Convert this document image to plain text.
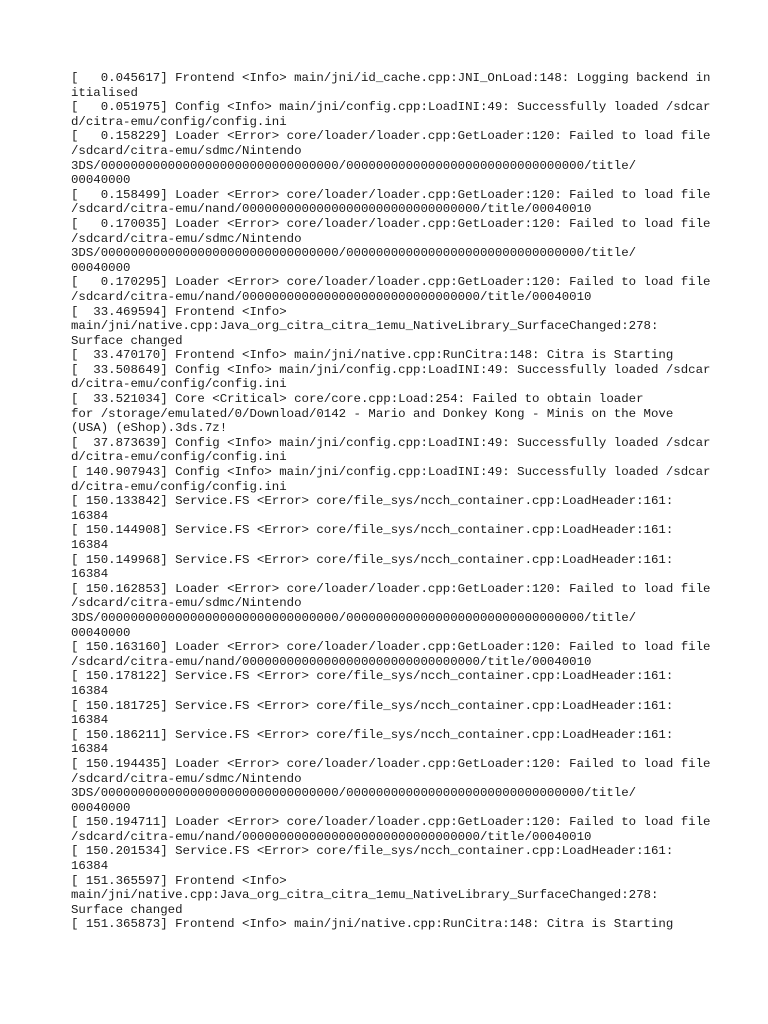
[   0.045617] Frontend <Info> main/jni/id_cache.cpp:JNI_OnLoad:148: Logging backend initialised
[   0.051975] Config <Info> main/jni/config.cpp:LoadINI:49: Successfully loaded /sdcard/citra-emu/config/config.ini
[   0.158229] Loader <Error> core/loader/loader.cpp:GetLoader:120: Failed to load file /sdcard/citra-emu/sdmc/Nintendo
3DS/00000000000000000000000000000000/00000000000000000000000000000000/title/
00040000
[   0.158499] Loader <Error> core/loader/loader.cpp:GetLoader:120: Failed to load file /sdcard/citra-emu/nand/00000000000000000000000000000000/title/00040010
[   0.170035] Loader <Error> core/loader/loader.cpp:GetLoader:120: Failed to load file /sdcard/citra-emu/sdmc/Nintendo
3DS/00000000000000000000000000000000/00000000000000000000000000000000/title/
00040000
[   0.170295] Loader <Error> core/loader/loader.cpp:GetLoader:120: Failed to load file /sdcard/citra-emu/nand/00000000000000000000000000000000/title/00040010
[  33.469594] Frontend <Info>
main/jni/native.cpp:Java_org_citra_citra_1emu_NativeLibrary_SurfaceChanged:278:
Surface changed
[  33.470170] Frontend <Info> main/jni/native.cpp:RunCitra:148: Citra is Starting
[  33.508649] Config <Info> main/jni/config.cpp:LoadINI:49: Successfully loaded /sdcard/citra-emu/config/config.ini
[  33.521034] Core <Critical> core/core.cpp:Load:254: Failed to obtain loader
for /storage/emulated/0/Download/0142 - Mario and Donkey Kong - Minis on the Move
(USA) (eShop).3ds.7z!
[  37.873639] Config <Info> main/jni/config.cpp:LoadINI:49: Successfully loaded /sdcard/citra-emu/config/config.ini
[ 140.907943] Config <Info> main/jni/config.cpp:LoadINI:49: Successfully loaded /sdcard/citra-emu/config/config.ini
[ 150.133842] Service.FS <Error> core/file_sys/ncch_container.cpp:LoadHeader:161:
16384
[ 150.144908] Service.FS <Error> core/file_sys/ncch_container.cpp:LoadHeader:161:
16384
[ 150.149968] Service.FS <Error> core/file_sys/ncch_container.cpp:LoadHeader:161:
16384
[ 150.162853] Loader <Error> core/loader/loader.cpp:GetLoader:120: Failed to load file /sdcard/citra-emu/sdmc/Nintendo
3DS/00000000000000000000000000000000/00000000000000000000000000000000/title/
00040000
[ 150.163160] Loader <Error> core/loader/loader.cpp:GetLoader:120: Failed to load file /sdcard/citra-emu/nand/00000000000000000000000000000000/title/00040010
[ 150.178122] Service.FS <Error> core/file_sys/ncch_container.cpp:LoadHeader:161:
16384
[ 150.181725] Service.FS <Error> core/file_sys/ncch_container.cpp:LoadHeader:161:
16384
[ 150.186211] Service.FS <Error> core/file_sys/ncch_container.cpp:LoadHeader:161:
16384
[ 150.194435] Loader <Error> core/loader/loader.cpp:GetLoader:120: Failed to load file /sdcard/citra-emu/sdmc/Nintendo
3DS/00000000000000000000000000000000/00000000000000000000000000000000/title/
00040000
[ 150.194711] Loader <Error> core/loader/loader.cpp:GetLoader:120: Failed to load file /sdcard/citra-emu/nand/00000000000000000000000000000000/title/00040010
[ 150.201534] Service.FS <Error> core/file_sys/ncch_container.cpp:LoadHeader:161:
16384
[ 151.365597] Frontend <Info>
main/jni/native.cpp:Java_org_citra_citra_1emu_NativeLibrary_SurfaceChanged:278:
Surface changed
[ 151.365873] Frontend <Info> main/jni/native.cpp:RunCitra:148: Citra is Starting
